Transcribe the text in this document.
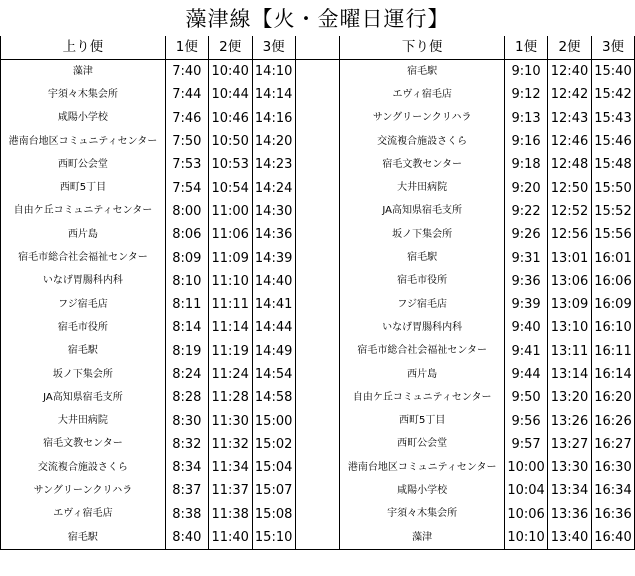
藻津線【火・金曜日運行】
上り便	1便	2便	3便		下り便	1便	2便	3便
藻津	7:40	10:40	14:10		宿毛駅	9:10	12:40	15:40
宇須々木集会所	7:44	10:44	14:14		エヴィ宿毛店	9:12	12:42	15:42
咸陽小学校	7:46	10:46	14:16		サングリーンクリハラ	9:13	12:43	15:43
港南台地区コミュニティセンター	7:50	10:50	14:20		交流複合施設さくら	9:16	12:46	15:46
西町公会堂	7:53	10:53	14:23		宿毛文教センター	9:18	12:48	15:48
西町5丁目	7:54	10:54	14:24		大井田病院	9:20	12:50	15:50
自由ケ丘コミュニティセンター	8:00	11:00	14:30		JA高知県宿毛支所	9:22	12:52	15:52
西片島	8:06	11:06	14:36		坂ノ下集会所	9:26	12:56	15:56
宿毛市総合社会福祉センター	8:09	11:09	14:39		宿毛駅	9:31	13:01	16:01
いなげ胃腸科内科	8:10	11:10	14:40		宿毛市役所	9:36	13:06	16:06
フジ宿毛店	8:11	11:11	14:41		フジ宿毛店	9:39	13:09	16:09
宿毛市役所	8:14	11:14	14:44		いなげ胃腸科内科	9:40	13:10	16:10
宿毛駅	8:19	11:19	14:49		宿毛市総合社会福祉センター	9:41	13:11	16:11
坂ノ下集会所	8:24	11:24	14:54		西片島	9:44	13:14	16:14
JA高知県宿毛支所	8:28	11:28	14:58		自由ケ丘コミュニティセンター	9:50	13:20	16:20
大井田病院	8:30	11:30	15:00		西町5丁目	9:56	13:26	16:26
宿毛文教センター	8:32	11:32	15:02		西町公会堂	9:57	13:27	16:27
交流複合施設さくら	8:34	11:34	15:04		港南台地区コミュニティセンター	10:00	13:30	16:30
サングリーンクリハラ	8:37	11:37	15:07		咸陽小学校	10:04	13:34	16:34
エヴィ宿毛店	8:38	11:38	15:08		宇須々木集会所	10:06	13:36	16:36
宿毛駅	8:40	11:40	15:10		藻津	10:10	13:40	16:40
